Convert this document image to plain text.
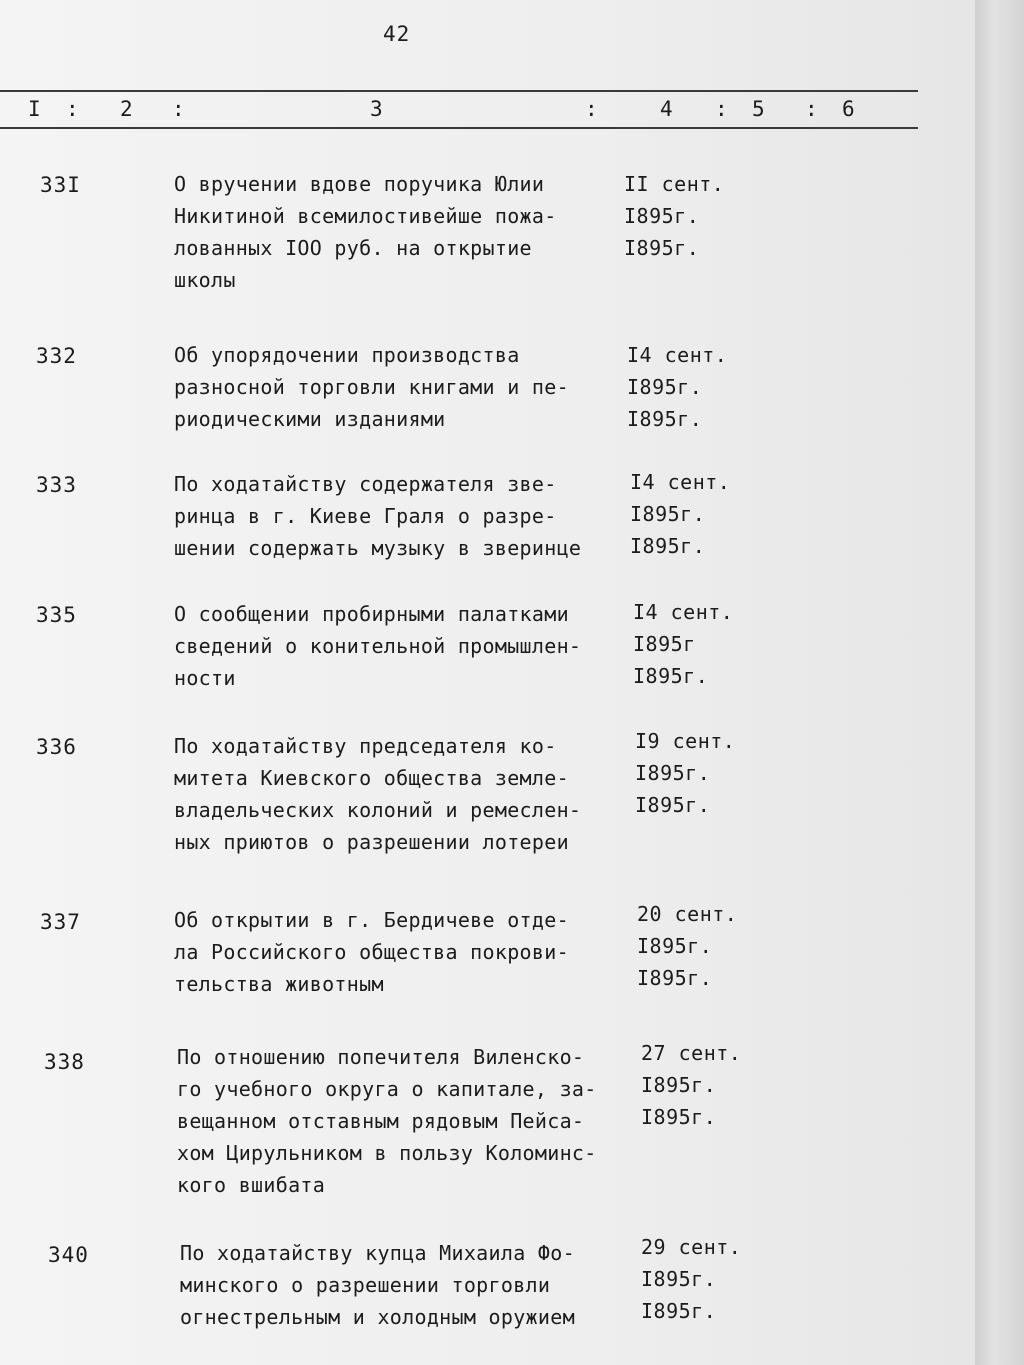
42
I : 2 :	3	:	4 : 5 : 6
33I	О вручении вдове поручика Юлии
Никитиной всемилостивейше пожа-
лованных IOO руб. на открытие
школы
II сент.
I895г.
I895г.
332	Об упорядочении производства
разносной торговли книгами и пе-
риодическими изданиями
I4 сент.
I895г.
I895г.
333	По ходатайству содержателя зве-
ринца в г. Киеве Граля о разре-
шении содержать музыку в зверинце
I4 сент.
I895г.
I895г.
335	О сообщении пробирными палатками
сведений о конительной промышлен-
ности
I4 сент.
I895г
I895г.
336	По ходатайству председателя ко-
митета Киевского общества земле-
владельческих колоний и ремеслен-
ных приютов о разрешении лотереи
I9 сент.
I895г.
I895г.
337	Об открытии в г. Бердичеве отде-
ла Российского общества покрови-
тельства животным
20 сент.
I895г.
I895г.
338	По отношению попечителя Виленско-
го учебного округа о капитале, за-
вещанном отставным рядовым Пейса-
хом Цирульником в пользу Коломинс-
кого вшибата
27 сент.
I895г.
I895г.
340	По ходатайству купца Михаила Фо-
минского о разрешении торговли
огнестрельным и холодным оружием
29 сент.
I895г.
I895г.
